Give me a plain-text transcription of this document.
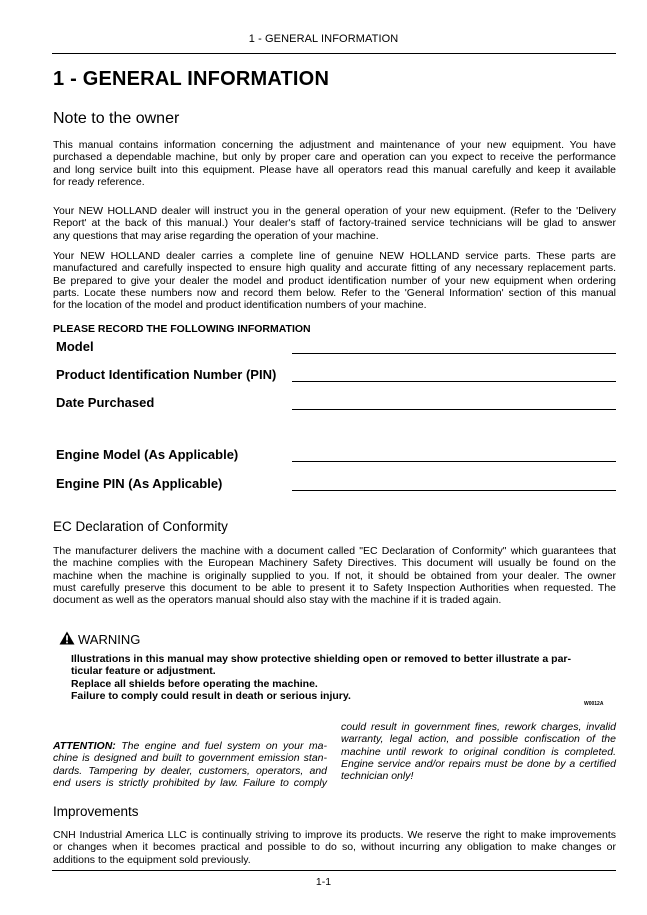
1 - GENERAL INFORMATION
1 - GENERAL INFORMATION
Note to the owner
This manual contains information concerning the adjustment and maintenance of your new equipment. You have
purchased a dependable machine, but only by proper care and operation can you expect to receive the performance
and long service built into this equipment. Please have all operators read this manual carefully and keep it available
for ready reference.
Your NEW HOLLAND dealer will instruct you in the general operation of your new equipment. (Refer to the 'Delivery
Report' at the back of this manual.) Your dealer's staff of factory-trained service technicians will be glad to answer
any questions that may arise regarding the operation of your machine.
Your NEW HOLLAND dealer carries a complete line of genuine NEW HOLLAND service parts. These parts are
manufactured and carefully inspected to ensure high quality and accurate fitting of any necessary replacement parts.
Be prepared to give your dealer the model and product identification number of your new equipment when ordering
parts. Locate these numbers now and record them below. Refer to the 'General Information' section of this manual
for the location of the model and product identification numbers of your machine.
PLEASE RECORD THE FOLLOWING INFORMATION
Model
Product Identification Number (PIN)
Date Purchased
Engine Model (As Applicable)
Engine PIN (As Applicable)
EC Declaration of Conformity
The manufacturer delivers the machine with a document called "EC Declaration of Conformity" which guarantees that
the machine complies with the European Machinery Safety Directives. This document will usually be found on the
machine when the machine is originally supplied to you. If not, it should be obtained from your dealer. The owner
must carefully preserve this document to be able to present it to Safety Inspection Authorities when requested. The
document as well as the operators manual should also stay with the machine if it is traded again.
WARNING
Illustrations in this manual may show protective shielding open or removed to better illustrate a par-
ticular feature or adjustment.
Replace all shields before operating the machine.
Failure to comply could result in death or serious injury.
W0012A
ATTENTION: The engine and fuel system on your ma-
chine is designed and built to government emission stan-
dards. Tampering by dealer, customers, operators, and
end users is strictly prohibited by law. Failure to comply
could result in government fines, rework charges, invalid
warranty, legal action, and possible confiscation of the
machine until rework to original condition is completed.
Engine service and/or repairs must be done by a certified
technician only!
Improvements
CNH Industrial America LLC is continually striving to improve its products. We reserve the right to make improvements
or changes when it becomes practical and possible to do so, without incurring any obligation to make changes or
additions to the equipment sold previously.
1-1
